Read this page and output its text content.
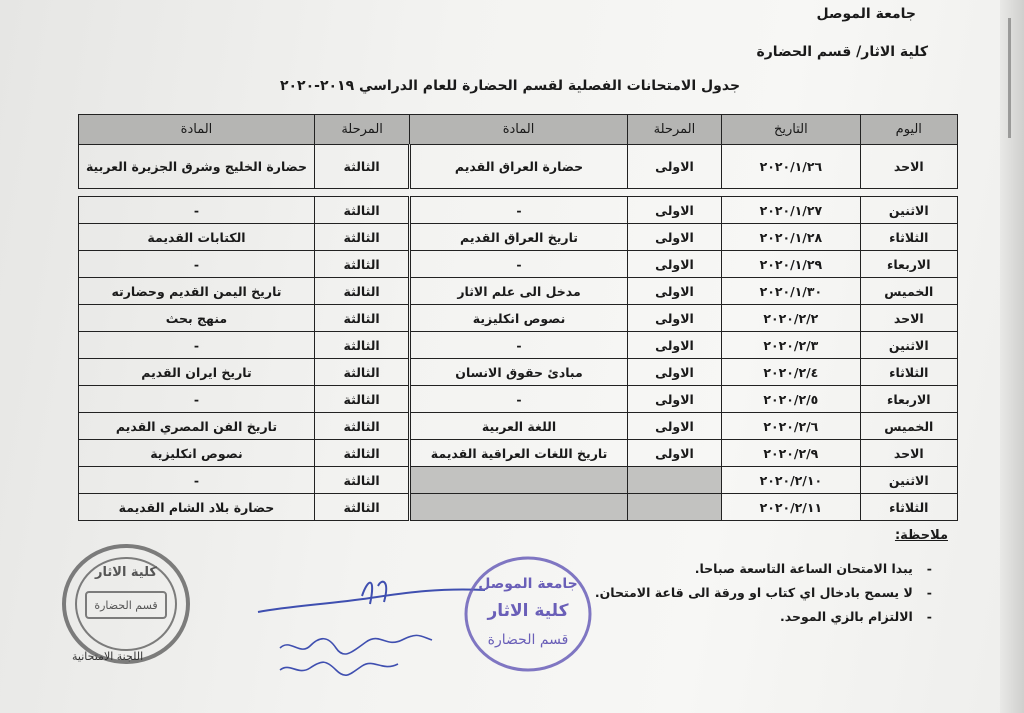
جامعة الموصل
كلية الاثار/ قسم الحضارة
جدول الامتحانات الفصلية لقسم الحضارة للعام الدراسي ٢٠١٩-٢٠٢٠
اليوم	التاريخ	المرحلة	المادة	المرحلة	المادة
الاحد	٢٠٢٠/١/٢٦	الاولى	حضارة العراق القديم	الثالثة	حضارة الخليج وشرق الجزيرة العربية

الاثنين	٢٠٢٠/١/٢٧	الاولى	-	الثالثة	-
الثلاثاء	٢٠٢٠/١/٢٨	الاولى	تاريخ العراق القديم	الثالثة	الكتابات القديمة
الاربعاء	٢٠٢٠/١/٢٩	الاولى	-	الثالثة	-
الخميس	٢٠٢٠/١/٣٠	الاولى	مدخل الى علم الاثار	الثالثة	تاريخ اليمن القديم وحضارته
الاحد	٢٠٢٠/٢/٢	الاولى	نصوص انكليزية	الثالثة	منهج بحث
الاثنين	٢٠٢٠/٢/٣	الاولى	-	الثالثة	-
الثلاثاء	٢٠٢٠/٢/٤	الاولى	مبادئ حقوق الانسان	الثالثة	تاريخ ايران القديم
الاربعاء	٢٠٢٠/٢/٥	الاولى	-	الثالثة	-
الخميس	٢٠٢٠/٢/٦	الاولى	اللغة العربية	الثالثة	تاريخ الفن المصري القديم
الاحد	٢٠٢٠/٢/٩	الاولى	تاريخ اللغات العراقية القديمة	الثالثة	نصوص انكليزية
الاثنين	٢٠٢٠/٢/١٠			الثالثة	-
الثلاثاء	٢٠٢٠/٢/١١			الثالثة	حضارة بلاد الشام القديمة
ملاحظة:
-
يبدا الامتحان الساعة التاسعة صباحا.
-
لا يسمح بادخال اي كتاب او ورقة الى قاعة الامتحان.
-
الالتزام بالزي الموحد.
قسم الحضارة
كلية الاثار
اللجنة الامتحانية
جامعة الموصل
كلية الاثار
قسم الحضارة
